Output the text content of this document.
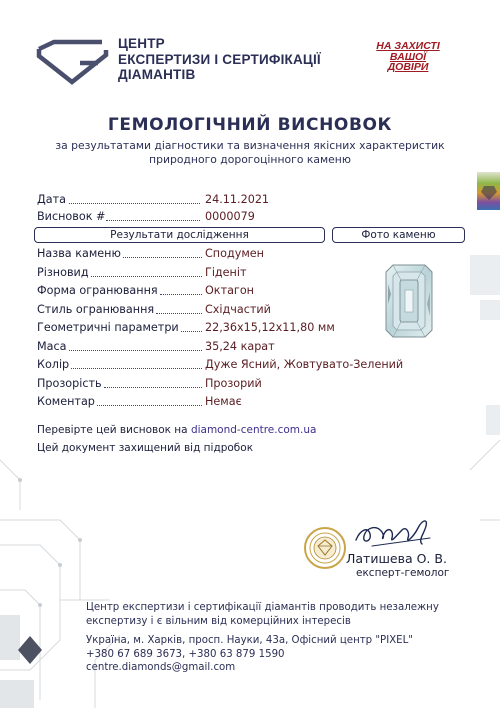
ЦЕНТР
ЕКСПЕРТИЗИ І СЕРТИФІКАЦІЇ
ДІАМАНТІВ
НА ЗАХИСТІ
ВАШОЇ
ДОВІРИ
ГЕМОЛОГІЧНИЙ ВИСНОВОК
за результатами діагностики та визначення якісних характеристик
природного дорогоцінного каменю
Дата	24.11.2021
Висновок #	0000079
Результати дослідження	Фото каменю
Назва каменю	Сподумен
Різновид	Гіденіт
Форма огранювання	Октагон
Стиль огранювання	Східчастий
Геометричні параметри 22,36x15,12x11,80 мм
Маса	35,24 карат
Колір	Дуже Ясний, Жовтувато-Зелений
Прозорість	Прозорий
Коментар	Немає
Перевірте цей висновок на diamond-centre.com.ua
Цей документ захищений від підробок
Латишева О. В.
експерт-гемолог
Центр експертизи і сертифікації діамантів проводить незалежну
експертизу і є вільним від комерційних інтересів
Україна, м. Харків, просп. Науки, 43а, Офісний центр "PIXEL"
+380 67 689 3673, +380 63 879 1590
centre.diamonds@gmail.com
